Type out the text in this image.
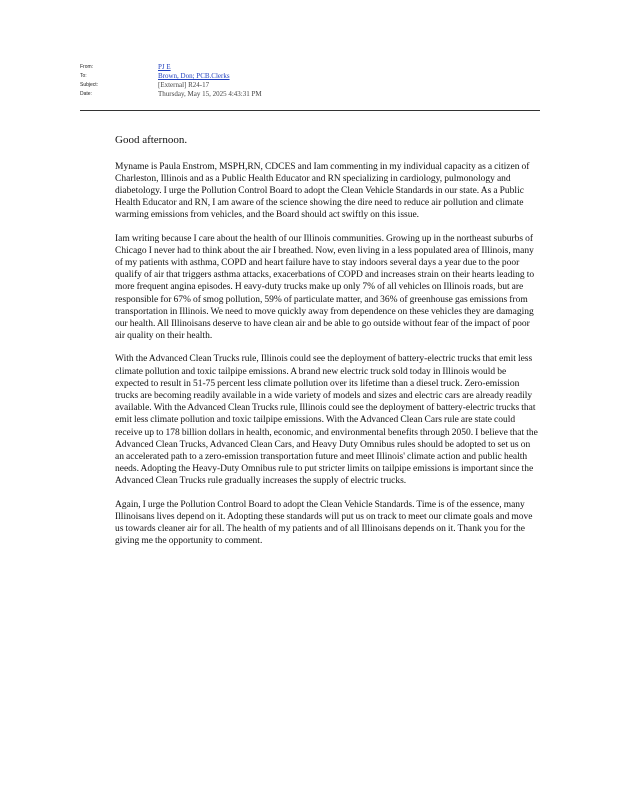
From:	PJ E
To:	Brown, Don; PCB.Clerks
Subject:	[External] R24-17
Date:	Thursday, May 15, 2025 4:43:31 PM

Good afternoon.

Myname is Paula Enstrom, MSPH,RN, CDCES and Iam commenting in my individual capacity as a citizen of Charleston, Illinois and as a Public Health Educator and RN specializing in cardiology, pulmonology and diabetology. I urge the Pollution Control Board to adopt the Clean Vehicle Standards in our state. As a Public Health Educator and RN, I am aware of the science showing the dire need to reduce air pollution and climate warming emissions from vehicles, and the Board should act swiftly on this issue.

Iam writing because I care about the health of our Illinois communities. Growing up in the northeast suburbs of Chicago I never had to think about the air I breathed. Now, even living in a less populated area of Illinois, many of my patients with asthma, COPD and heart failure have to stay indoors several days a year due to the poor qualify of air that triggers asthma attacks, exacerbations of COPD and increases strain on their hearts leading to more frequent angina episodes. H eavy-duty trucks make up only 7% of all vehicles on Illinois roads, but are responsible for 67% of smog pollution, 59% of particulate matter, and 36% of greenhouse gas emissions from transportation in Illinois. We need to move quickly away from dependence on these vehicles they are damaging our health. All Illinoisans deserve to have clean air and be able to go outside without fear of the impact of poor air quality on their health.

With the Advanced Clean Trucks rule, Illinois could see the deployment of battery-electric trucks that emit less climate pollution and toxic tailpipe emissions. A brand new electric truck sold today in Illinois would be expected to result in 51-75 percent less climate pollution over its lifetime than a diesel truck. Zero-emission trucks are becoming readily available in a wide variety of models and sizes and electric cars are already readily available. With the Advanced Clean Trucks rule, Illinois could see the deployment of battery-electric trucks that emit less climate pollution and toxic tailpipe emissions. With the Advanced Clean Cars rule are state could receive up to 178 billion dollars in health, economic, and environmental benefits through 2050. I believe that the Advanced Clean Trucks, Advanced Clean Cars, and Heavy Duty Omnibus rules should be adopted to set us on an accelerated path to a zero-emission transportation future and meet Illinois' climate action and public health needs. Adopting the Heavy-Duty Omnibus rule to put stricter limits on tailpipe emissions is important since the Advanced Clean Trucks rule gradually increases the supply of electric trucks.

Again, I urge the Pollution Control Board to adopt the Clean Vehicle Standards. Time is of the essence, many Illinoisans lives depend on it. Adopting these standards will put us on track to meet our climate goals and move us towards cleaner air for all. The health of my patients and of all Illinoisans depends on it. Thank you for the giving me the opportunity to comment.
